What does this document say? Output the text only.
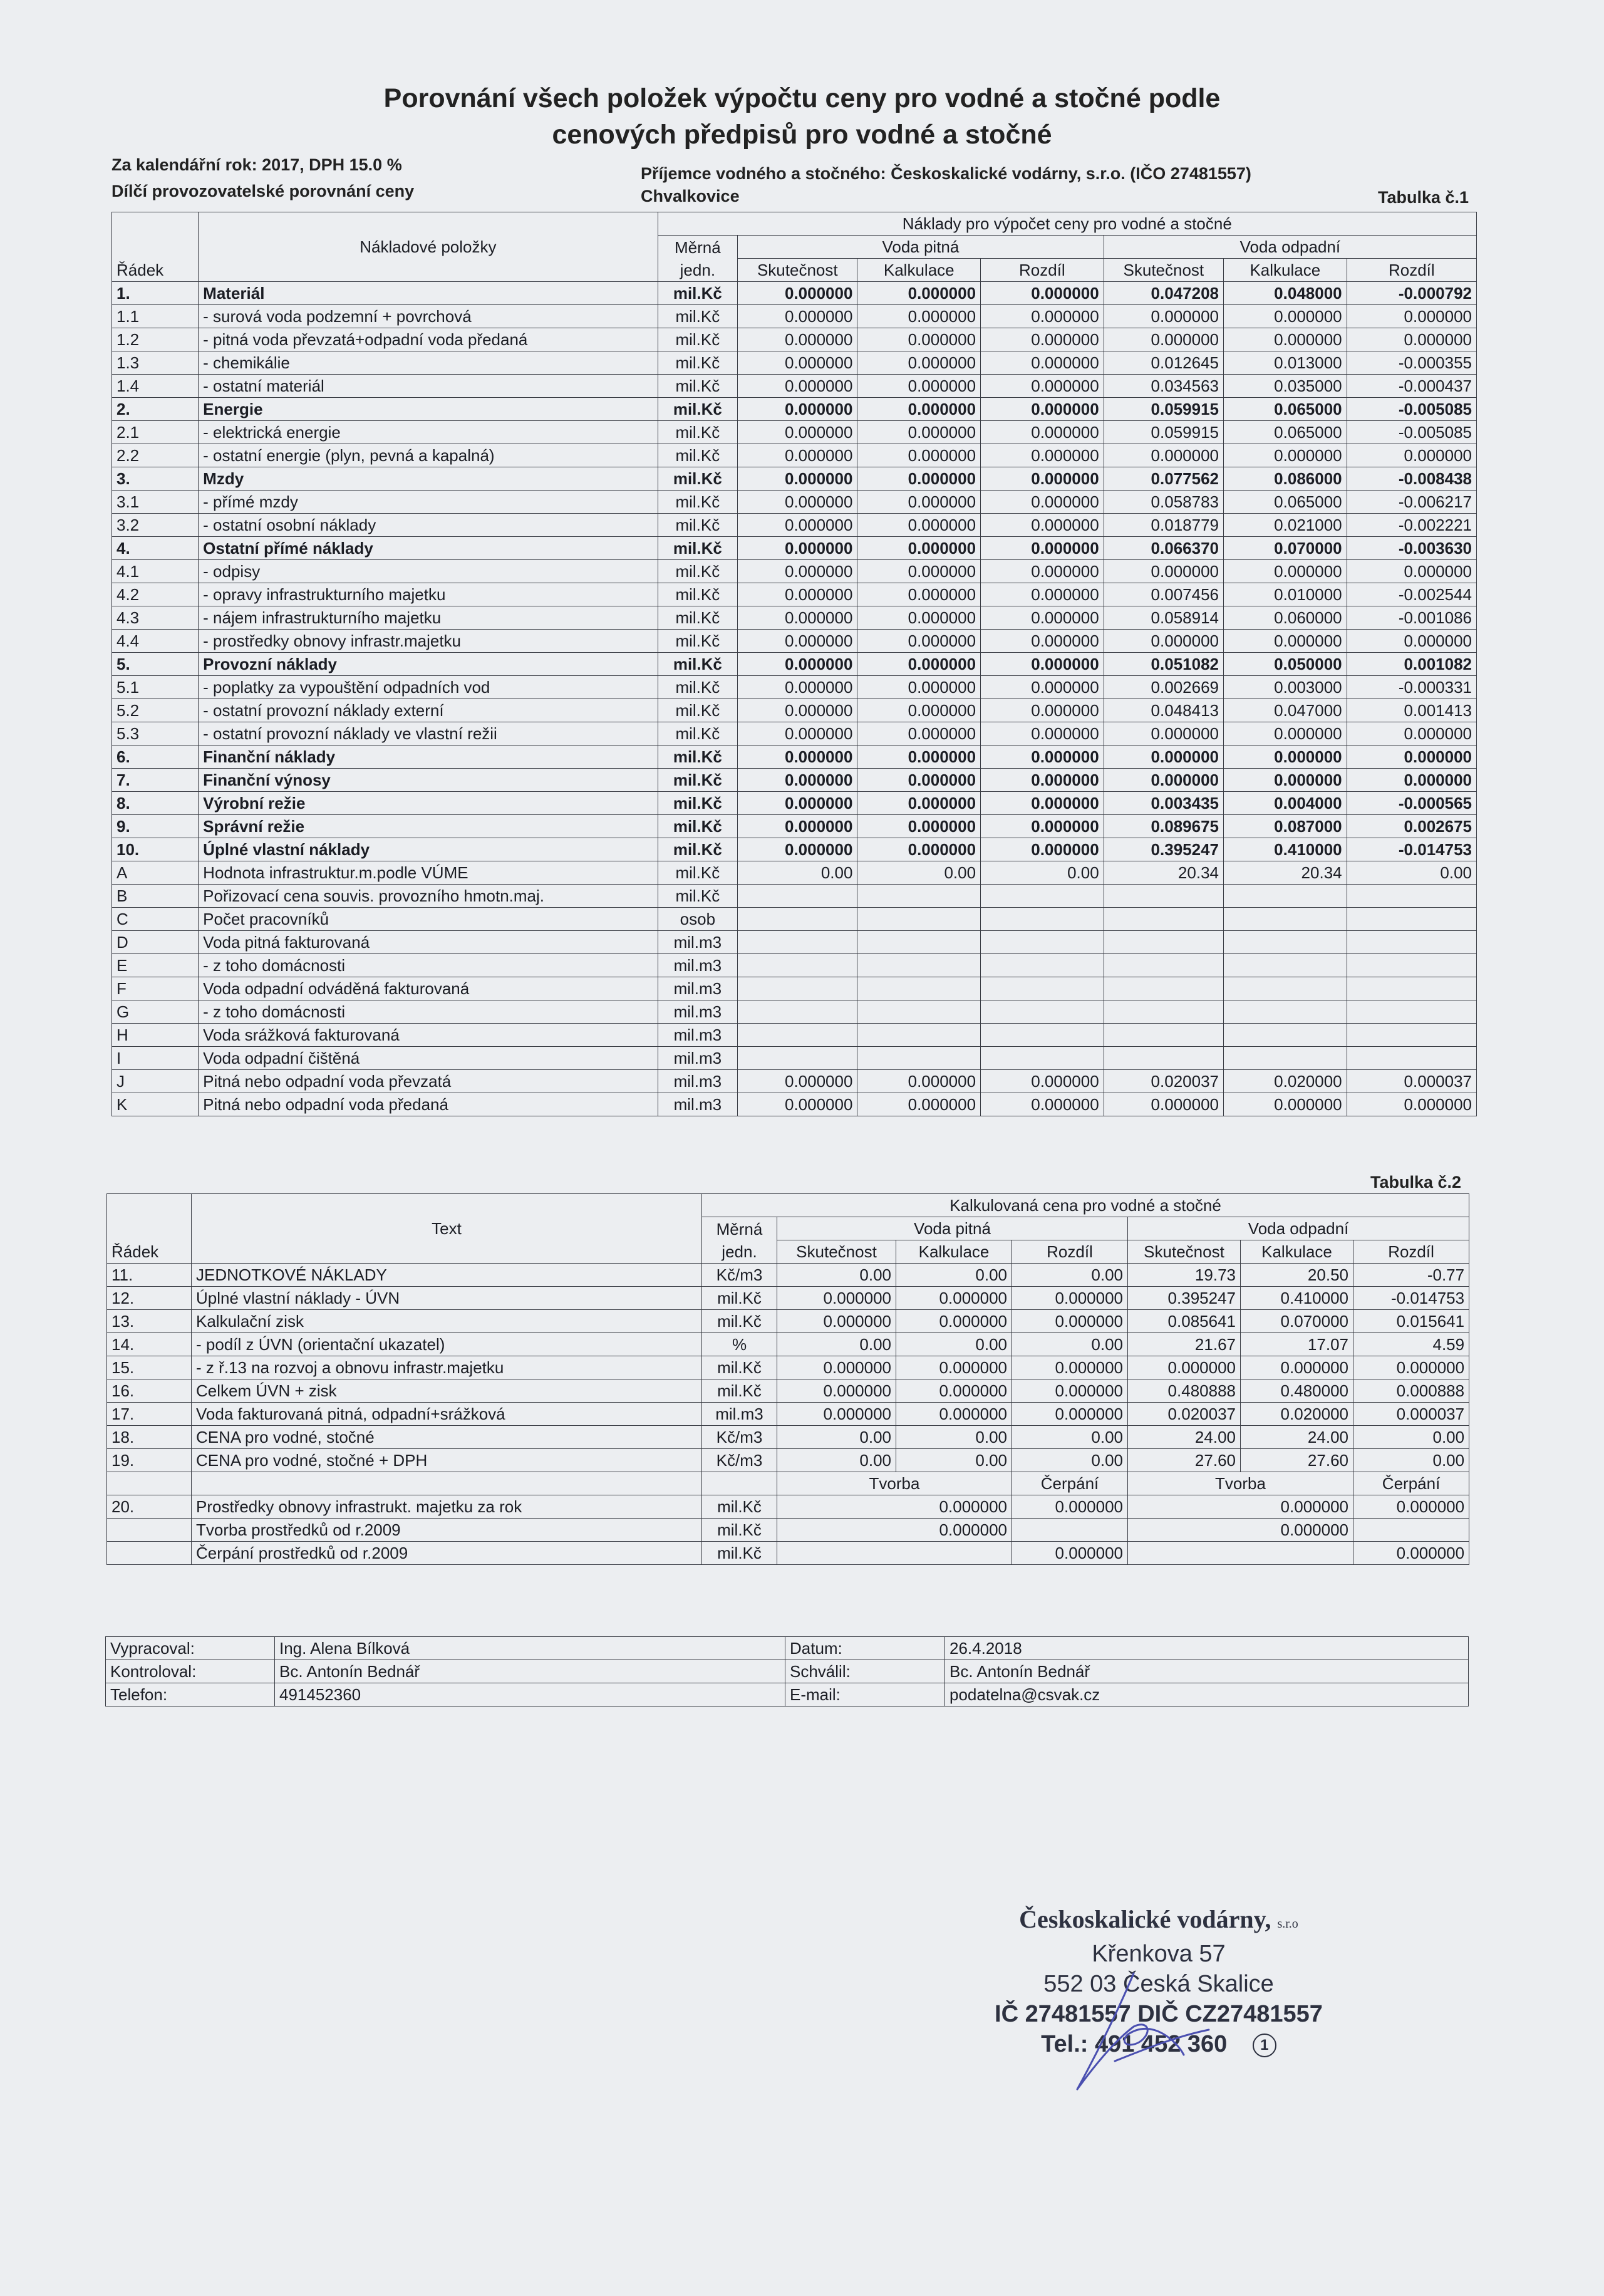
Porovnání všech položek výpočtu ceny pro vodné a stočné podle
cenových předpisů pro vodné a stočné
Za kalendářní rok: 2017, DPH 15.0 %
Dílčí provozovatelské porovnání ceny
Příjemce vodného a stočného: Českoskalické vodárny, s.r.o. (IČO 27481557)
Chvalkovice	Tabulka č.1
Řádek		Náklady pro výpočet ceny pro vodné a stočné						
	Nákladové položky	Měrná	Voda pitná			Voda odpadní		
		jedn.	Skutečnost	Kalkulace	Rozdíl	Skutečnost	Kalkulace	Rozdíl
1.	Materiál	mil.Kč	0.000000	0.000000	0.000000	0.047208	0.048000	-0.000792
1.1	- surová voda podzemní + povrchová	mil.Kč	0.000000	0.000000	0.000000	0.000000	0.000000	0.000000
1.2	- pitná voda převzatá+odpadní voda předaná	mil.Kč	0.000000	0.000000	0.000000	0.000000	0.000000	0.000000
1.3	- chemikálie	mil.Kč	0.000000	0.000000	0.000000	0.012645	0.013000	-0.000355
1.4	- ostatní materiál	mil.Kč	0.000000	0.000000	0.000000	0.034563	0.035000	-0.000437
2.	Energie	mil.Kč	0.000000	0.000000	0.000000	0.059915	0.065000	-0.005085
2.1	- elektrická energie	mil.Kč	0.000000	0.000000	0.000000	0.059915	0.065000	-0.005085
2.2	- ostatní energie (plyn, pevná a kapalná)	mil.Kč	0.000000	0.000000	0.000000	0.000000	0.000000	0.000000
3.	Mzdy	mil.Kč	0.000000	0.000000	0.000000	0.077562	0.086000	-0.008438
3.1	- přímé mzdy	mil.Kč	0.000000	0.000000	0.000000	0.058783	0.065000	-0.006217
3.2	- ostatní osobní náklady	mil.Kč	0.000000	0.000000	0.000000	0.018779	0.021000	-0.002221
4.	Ostatní přímé náklady	mil.Kč	0.000000	0.000000	0.000000	0.066370	0.070000	-0.003630
4.1	- odpisy	mil.Kč	0.000000	0.000000	0.000000	0.000000	0.000000	0.000000
4.2	- opravy infrastrukturního majetku	mil.Kč	0.000000	0.000000	0.000000	0.007456	0.010000	-0.002544
4.3	- nájem infrastrukturního majetku	mil.Kč	0.000000	0.000000	0.000000	0.058914	0.060000	-0.001086
4.4	- prostředky obnovy infrastr.majetku	mil.Kč	0.000000	0.000000	0.000000	0.000000	0.000000	0.000000
5.	Provozní náklady	mil.Kč	0.000000	0.000000	0.000000	0.051082	0.050000	0.001082
5.1	- poplatky za vypouštění odpadních vod	mil.Kč	0.000000	0.000000	0.000000	0.002669	0.003000	-0.000331
5.2	- ostatní provozní náklady externí	mil.Kč	0.000000	0.000000	0.000000	0.048413	0.047000	0.001413
5.3	- ostatní provozní náklady ve vlastní režii	mil.Kč	0.000000	0.000000	0.000000	0.000000	0.000000	0.000000
6.	Finanční náklady	mil.Kč	0.000000	0.000000	0.000000	0.000000	0.000000	0.000000
7.	Finanční výnosy	mil.Kč	0.000000	0.000000	0.000000	0.000000	0.000000	0.000000
8.	Výrobní režie	mil.Kč	0.000000	0.000000	0.000000	0.003435	0.004000	-0.000565
9.	Správní režie	mil.Kč	0.000000	0.000000	0.000000	0.089675	0.087000	0.002675
10.	Úplné vlastní náklady	mil.Kč	0.000000	0.000000	0.000000	0.395247	0.410000	-0.014753
A	Hodnota infrastruktur.m.podle VÚME	mil.Kč	0.00	0.00	0.00	20.34	20.34	0.00
B	Pořizovací cena souvis. provozního hmotn.maj.	mil.Kč						
C	Počet pracovníků	osob						
D	Voda pitná fakturovaná	mil.m3						
E	- z toho domácnosti	mil.m3						
F	Voda odpadní odváděná fakturovaná	mil.m3						
G	- z toho domácnosti	mil.m3						
H	Voda srážková fakturovaná	mil.m3						
I	Voda odpadní čištěná	mil.m3						
J	Pitná nebo odpadní voda převzatá	mil.m3	0.000000	0.000000	0.000000	0.020037	0.020000	0.000037
K	Pitná nebo odpadní voda předaná	mil.m3	0.000000	0.000000	0.000000	0.000000	0.000000	0.000000
Tabulka č.2
Řádek		Kalkulovaná cena pro vodné a stočné						
	Text	Měrná	Voda pitná			Voda odpadní		
		jedn.	Skutečnost	Kalkulace	Rozdíl	Skutečnost	Kalkulace	Rozdíl
11.	JEDNOTKOVÉ NÁKLADY	Kč/m3	0.00	0.00	0.00	19.73	20.50	-0.77
12.	Úplné vlastní náklady - ÚVN	mil.Kč	0.000000	0.000000	0.000000	0.395247	0.410000	-0.014753
13.	Kalkulační zisk	mil.Kč	0.000000	0.000000	0.000000	0.085641	0.070000	0.015641
14.	- podíl z ÚVN (orientační ukazatel)	%	0.00	0.00	0.00	21.67	17.07	4.59
15.	- z ř.13 na rozvoj a obnovu infrastr.majetku	mil.Kč	0.000000	0.000000	0.000000	0.000000	0.000000	0.000000
16.	Celkem ÚVN + zisk	mil.Kč	0.000000	0.000000	0.000000	0.480888	0.480000	0.000888
17.	Voda fakturovaná pitná, odpadní+srážková	mil.m3	0.000000	0.000000	0.000000	0.020037	0.020000	0.000037
18.	CENA pro vodné, stočné	Kč/m3	0.00	0.00	0.00	24.00	24.00	0.00
19.	CENA pro vodné, stočné + DPH	Kč/m3	0.00	0.00	0.00	27.60	27.60	0.00
			Tvorba		Čerpání	Tvorba		Čerpání
20.	Prostředky obnovy infrastrukt. majetku za rok	mil.Kč	0.000000		0.000000	0.000000		0.000000
	Tvorba prostředků od r.2009	mil.Kč	0.000000			0.000000		
	Čerpání prostředků od r.2009	mil.Kč			0.000000			0.000000
Vypracoval:	Ing. Alena Bílková	Datum:	26.4.2018
Kontroloval:	Bc. Antonín Bednář	Schválil:	Bc. Antonín Bednář
Telefon:	491452360	E-mail:	podatelna@csvak.cz
Českoskalické vodárny, s.r.o
Křenkova 57
552 03 Česká Skalice
IČ 27481557 DIČ CZ27481557
Tel.: 491 452 360 1
